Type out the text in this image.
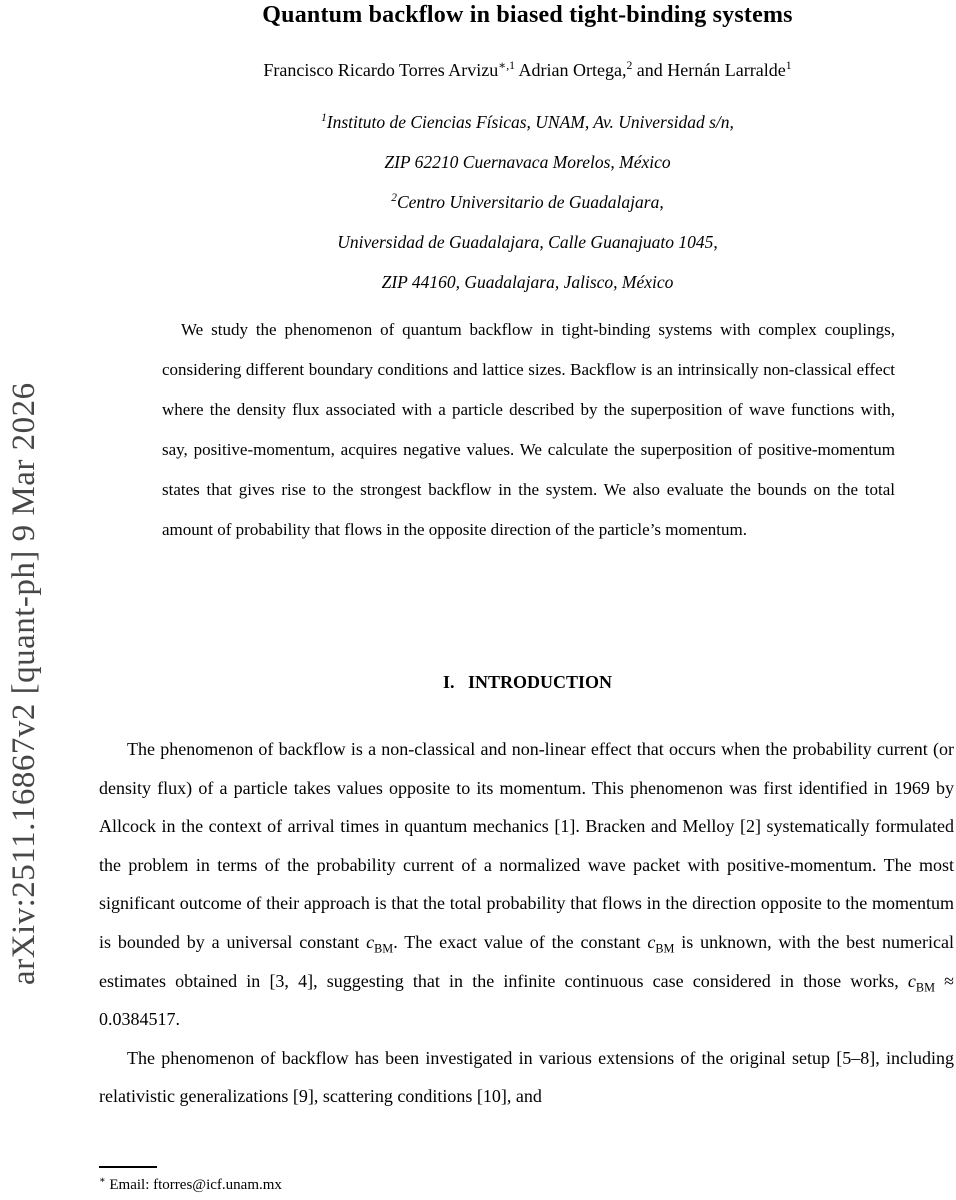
arXiv:2511.16867v2 [quant-ph] 9 Mar 2026
Quantum backflow in biased tight-binding systems
Francisco Ricardo Torres Arvizu$^{∗,1}$ Adrian Ortega,$^2$ and Hernán Larralde$^1$
$^1$Instituto de Ciencias Físicas, UNAM, Av. Universidad s/n,
ZIP 62210 Cuernavaca Morelos, México
$^2$Centro Universitario de Guadalajara,
Universidad de Guadalajara, Calle Guanajuato 1045,
ZIP 44160, Guadalajara, Jalisco, México
We study the phenomenon of quantum backflow in tight-binding systems with complex couplings, considering different boundary conditions and lattice sizes. Backflow is an intrinsically non-classical effect where the density flux associated with a particle described by the superposition of wave functions with, say, positive-momentum, acquires negative values. We calculate the superposition of positive-momentum states that gives rise to the strongest backflow in the system. We also evaluate the bounds on the total amount of probability that flows in the opposite direction of the particle’s momentum.
I.   INTRODUCTION

The phenomenon of backflow is a non-classical and non-linear effect that occurs when the probability current (or density flux) of a particle takes values opposite to its momentum. This phenomenon was first identified in 1969 by Allcock in the context of arrival times in quantum mechanics [1]. Bracken and Melloy [2] systematically formulated the problem in terms of the probability current of a normalized wave packet with positive-momentum. The most significant outcome of their approach is that the total probability that flows in the direction opposite to the momentum is bounded by a universal constant $c_{BM}$. The exact value of the constant $c_{BM}$ is unknown, with the best numerical estimates obtained in [3, 4], suggesting that in the infinite continuous case considered in those works, $c_{BM} \approx 0.0384517$.

The phenomenon of backflow has been investigated in various extensions of the original setup [5–8], including relativistic generalizations [9], scattering conditions [10], and

∗ Email: ftorres@icf.unam.mx
